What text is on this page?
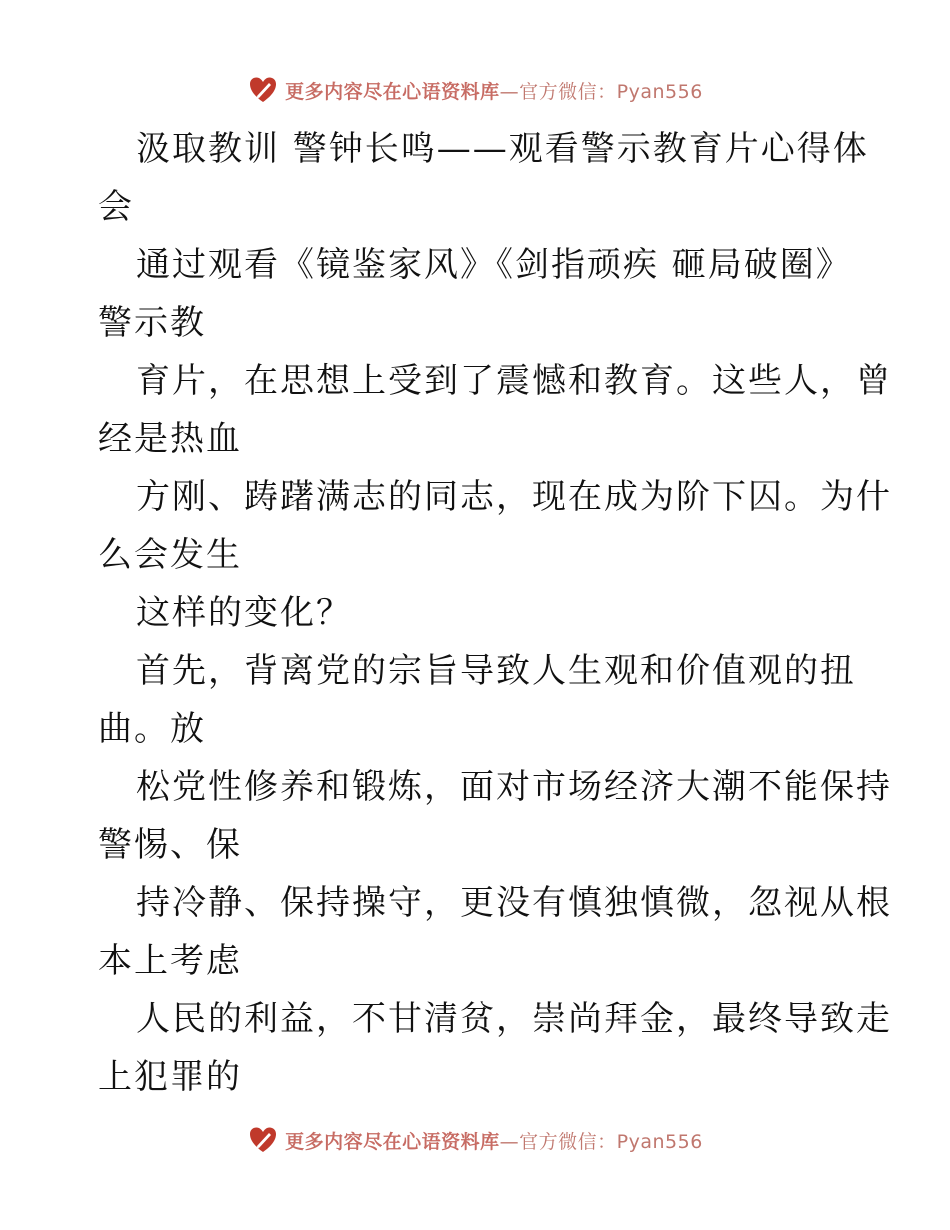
更多内容尽在心语资料库—官方微信：Pyan556
汲取教训 警钟长鸣——观看警示教育片心得体
会
通过观看《镜鉴家风》《剑指顽疾 砸局破圈》
警示教
育片，在思想上受到了震憾和教育。这些人，曾
经是热血
方刚、踌躇满志的同志，现在成为阶下囚。为什
么会发生
这样的变化？
首先，背离党的宗旨导致人生观和价值观的扭
曲。放
松党性修养和锻炼，面对市场经济大潮不能保持
警惕、保
持冷静、保持操守，更没有慎独慎微，忽视从根
本上考虑
人民的利益，不甘清贫，崇尚拜金，最终导致走
上犯罪的
更多内容尽在心语资料库—官方微信：Pyan556
